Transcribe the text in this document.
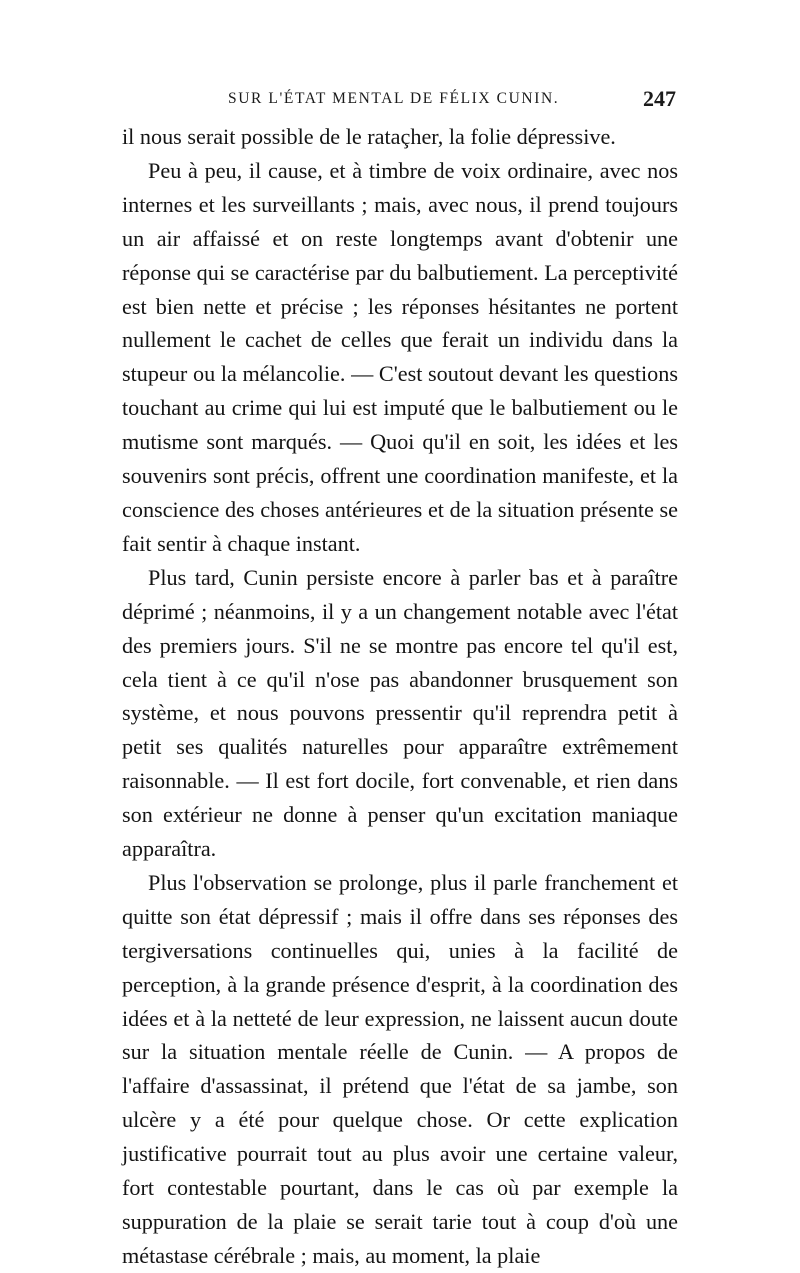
SUR L'ÉTAT MENTAL DE FÉLIX CUNIN.	247

il nous serait possible de le rataçher, la folie dépressive.

Peu à peu, il cause, et à timbre de voix ordinaire, avec nos internes et les surveillants ; mais, avec nous, il prend toujours un air affaissé et on reste longtemps avant d'obtenir une réponse qui se caractérise par du balbutiement. La perceptivité est bien nette et précise ; les réponses hésitantes ne portent nullement le cachet de celles que ferait un individu dans la stupeur ou la mélancolie. — C'est soutout devant les questions touchant au crime qui lui est imputé que le balbutiement ou le mutisme sont marqués. — Quoi qu'il en soit, les idées et les souvenirs sont précis, offrent une coordination manifeste, et la conscience des choses antérieures et de la situation présente se fait sentir à chaque instant.

Plus tard, Cunin persiste encore à parler bas et à paraître déprimé ; néanmoins, il y a un changement notable avec l'état des premiers jours. S'il ne se montre pas encore tel qu'il est, cela tient à ce qu'il n'ose pas abandonner brusquement son système, et nous pouvons pressentir qu'il reprendra petit à petit ses qualités naturelles pour apparaître extrêmement raisonnable. — Il est fort docile, fort convenable, et rien dans son extérieur ne donne à penser qu'un excitation maniaque apparaîtra.

Plus l'observation se prolonge, plus il parle franchement et quitte son état dépressif ; mais il offre dans ses réponses des tergiversations continuelles qui, unies à la facilité de perception, à la grande présence d'esprit, à la coordination des idées et à la netteté de leur expression, ne laissent aucun doute sur la situation mentale réelle de Cunin. — A propos de l'affaire d'assassinat, il prétend que l'état de sa jambe, son ulcère y a été pour quelque chose. Or cette explication justificative pourrait tout au plus avoir une certaine valeur, fort contestable pourtant, dans le cas où par exemple la suppuration de la plaie se serait tarie tout à coup d'où une métastase cérébrale ; mais, au moment, la plaie
